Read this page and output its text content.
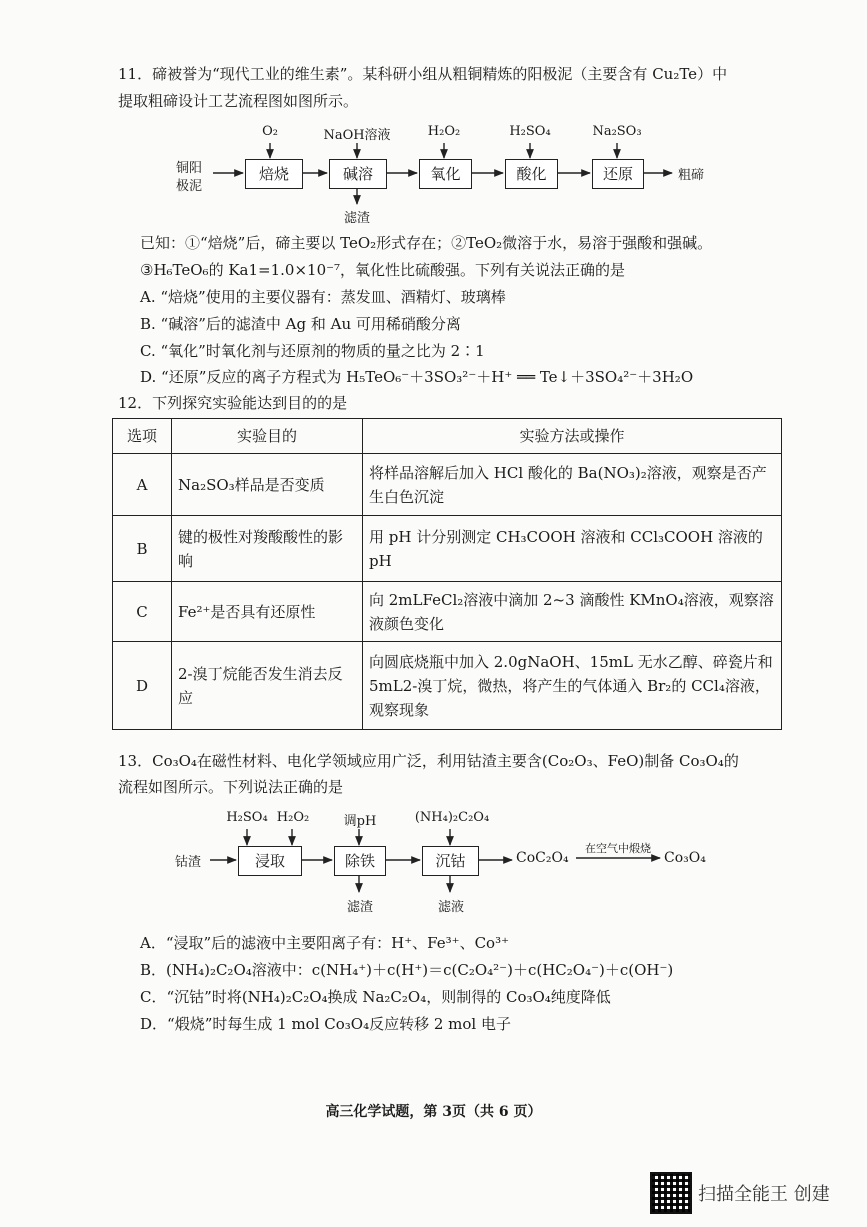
11．碲被誉为“现代工业的维生素”。某科研小组从粗铜精炼的阳极泥（主要含有 Cu₂Te）中
提取粗碲设计工艺流程图如图所示。
铜阳
极泥
焙烧	碱溶	氧化	酸化	还原
O₂	NaOH溶液	H₂O₂	H₂SO₄	Na₂SO₃
滤渣
粗碲
已知：①“焙烧”后，碲主要以 TeO₂形式存在；②TeO₂微溶于水，易溶于强酸和强碱。
③H₆TeO₆的 Ka1=1.0×10⁻⁷，氧化性比硫酸强。下列有关说法正确的是
A. “焙烧”使用的主要仪器有：蒸发皿、酒精灯、玻璃棒
B. “碱溶”后的滤渣中 Ag 和 Au 可用稀硝酸分离
C. “氧化”时氧化剂与还原剂的物质的量之比为 2∶1
D. “还原”反应的离子方程式为 H₅TeO₆⁻＋3SO₃²⁻＋H⁺ ══ Te↓＋3SO₄²⁻＋3H₂O
12．下列探究实验能达到目的的是
选项	实验目的	实验方法或操作
A	Na₂SO₃样品是否变质	将样品溶解后加入 HCl 酸化的 Ba(NO₃)₂溶液，观察是否产生白色沉淀
B	键的极性对羧酸酸性的影响	用 pH 计分别测定 CH₃COOH 溶液和 CCl₃COOH 溶液的 pH
C	Fe²⁺是否具有还原性	向 2mLFeCl₂溶液中滴加 2~3 滴酸性 KMnO₄溶液，观察溶液颜色变化
D	2-溴丁烷能否发生消去反应	向圆底烧瓶中加入 2.0gNaOH、15mL 无水乙醇、碎瓷片和 5mL2-溴丁烷，微热，将产生的气体通入 Br₂的 CCl₄溶液，观察现象
13．Co₃O₄在磁性材料、电化学领域应用广泛，利用钴渣主要含(Co₂O₃、FeO)制备 Co₃O₄的
流程如图所示。下列说法正确的是
钴渣	浸取	除铁	沉钴
H₂SO₄ H₂O₂	调pH	(NH₄)₂C₂O₄
滤渣	滤液
CoC₂O₄
在空气中煅烧
Co₃O₄
A．“浸取”后的滤液中主要阳离子有：H⁺、Fe³⁺、Co³⁺
B．(NH₄)₂C₂O₄溶液中：c(NH₄⁺)＋c(H⁺)＝c(C₂O₄²⁻)＋c(HC₂O₄⁻)＋c(OH⁻)
C．“沉钴”时将(NH₄)₂C₂O₄换成 Na₂C₂O₄，则制得的 Co₃O₄纯度降低
D．“煅烧”时每生成 1 mol Co₃O₄反应转移 2 mol 电子
高三化学试题，第 3页（共 6 页）
扫描全能王 创建
